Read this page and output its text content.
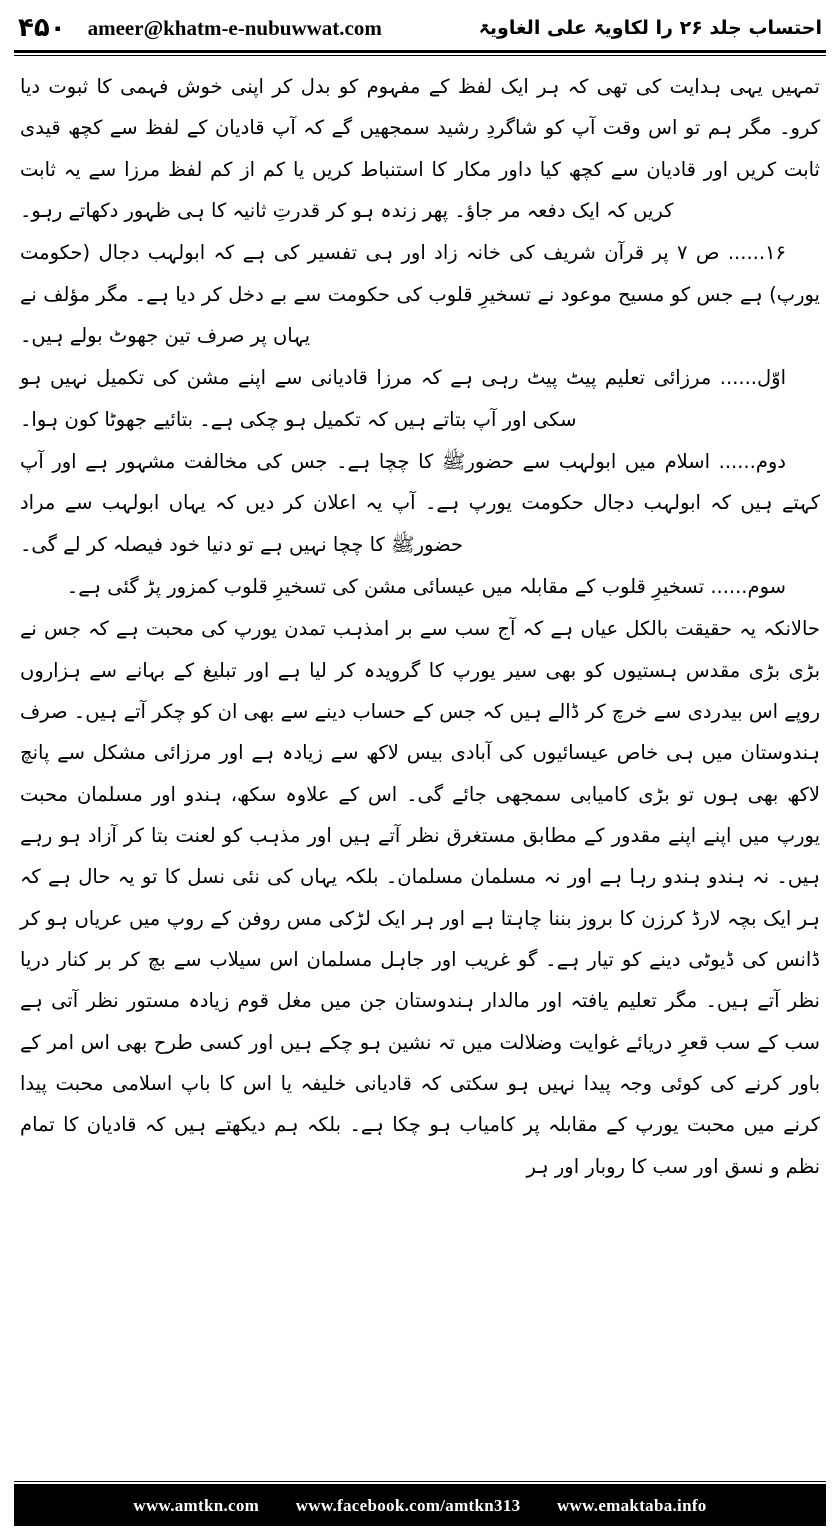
احتساب جلد ۲۶ را لکاویۃ علی الغاویۃ
۴۵۰ ameer@khatm-e-nubuwwat.com

تمہیں یہی ہدایت کی تھی کہ ہر ایک لفظ کے مفہوم کو بدل کر اپنی خوش فہمی کا ثبوت دیا کرو۔ مگر ہم تو اس وقت آپ کو شاگردِ رشید سمجھیں گے کہ آپ قادیان کے لفظ سے کچھ قیدی ثابت کریں اور قادیان سے کچھ کیا داور مکار کا استنباط کریں یا کم از کم لفظ مرزا سے یہ ثابت کریں کہ ایک دفعہ مر جاؤ۔ پھر زندہ ہو کر قدرتِ ثانیہ کا ہی ظہور دکھاتے رہو۔

۱۶...... ص ۷ پر قرآن شریف کی خانہ زاد اور ہی تفسیر کی ہے کہ ابولہب دجال (حکومت یورپ) ہے جس کو مسیح موعود نے تسخیرِ قلوب کی حکومت سے بے دخل کر دیا ہے۔ مگر مؤلف نے یہاں پر صرف تین جھوٹ بولے ہیں۔

اوّل...... مرزائی تعلیم پیٹ پیٹ رہی ہے کہ مرزا قادیانی سے اپنے مشن کی تکمیل نہیں ہو سکی اور آپ بتاتے ہیں کہ تکمیل ہو چکی ہے۔ بتائیے جھوٹا کون ہوا۔

دوم...... اسلام میں ابولہب سے حضورﷺ کا چچا ہے۔ جس کی مخالفت مشہور ہے اور آپ کہتے ہیں کہ ابولہب دجال حکومت یورپ ہے۔ آپ یہ اعلان کر دیں کہ یہاں ابولہب سے مراد حضورﷺ کا چچا نہیں ہے تو دنیا خود فیصلہ کر لے گی۔

سوم...... تسخیرِ قلوب کے مقابلہ میں عیسائی مشن کی تسخیرِ قلوب کمزور پڑ گئی ہے۔

حالانکہ یہ حقیقت بالکل عیاں ہے کہ آج سب سے بر امذہب تمدن یورپ کی محبت ہے کہ جس نے بڑی بڑی مقدس ہستیوں کو بھی سیر یورپ کا گرویدہ کر لیا ہے اور تبلیغ کے بہانے سے ہزاروں روپے اس بیدردی سے خرچ کر ڈالے ہیں کہ جس کے حساب دینے سے بھی ان کو چکر آتے ہیں۔ صرف ہندوستان میں ہی خاص عیسائیوں کی آبادی بیس لاکھ سے زیادہ ہے اور مرزائی مشکل سے پانچ لاکھ بھی ہوں تو بڑی کامیابی سمجھی جائے گی۔ اس کے علاوہ سکھ، ہندو اور مسلمان محبت یورپ میں اپنے اپنے مقدور کے مطابق مستغرق نظر آتے ہیں اور مذہب کو لعنت بتا کر آزاد ہو رہے ہیں۔ نہ ہندو ہندو رہا ہے اور نہ مسلمان مسلمان۔ بلکہ یہاں کی نئی نسل کا تو یہ حال ہے کہ ہر ایک بچہ لارڈ کرزن کا بروز بننا چاہتا ہے اور ہر ایک لڑکی مس روفن کے روپ میں عریاں ہو کر ڈانس کی ڈیوٹی دینے کو تیار ہے۔ گو غریب اور جاہل مسلمان اس سیلاب سے بچ کر بر کنار دریا نظر آتے ہیں۔ مگر تعلیم یافتہ اور مالدار ہندوستان جن میں مغل قوم زیادہ مستور نظر آتی ہے سب کے سب قعرِ دریائے غوایت وضلالت میں تہ نشین ہو چکے ہیں اور کسی طرح بھی اس امر کے باور کرنے کی کوئی وجہ پیدا نہیں ہو سکتی کہ قادیانی خلیفہ یا اس کا باپ اسلامی محبت پیدا کرنے میں محبت یورپ کے مقابلہ پر کامیاب ہو چکا ہے۔ بلکہ ہم دیکھتے ہیں کہ قادیان کا تمام نظم و نسق اور سب کا روبار اور ہر

www.amtkn.com www.facebook.com/amtkn313 www.emaktaba.info
